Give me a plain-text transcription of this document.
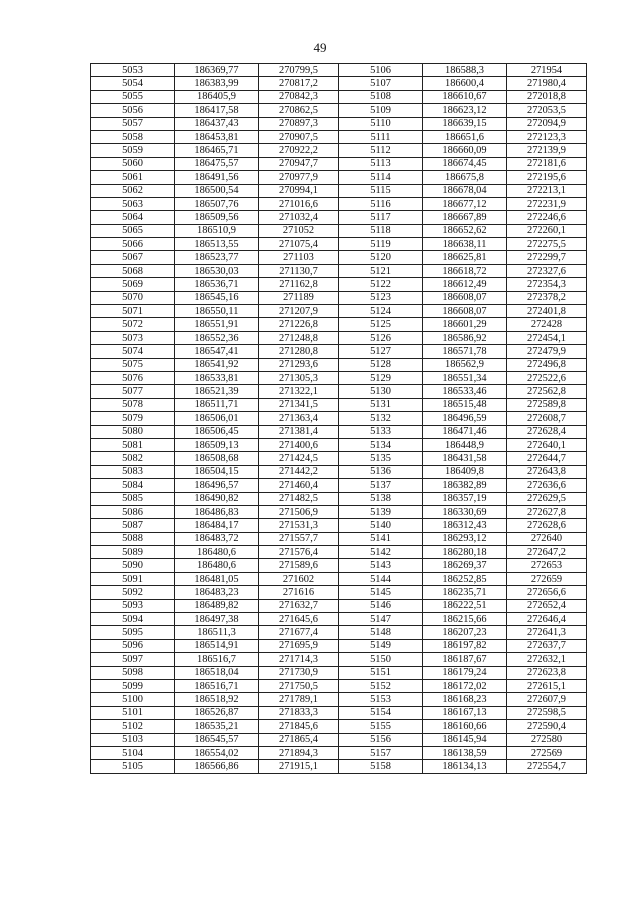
49
5053	186369,77	270799,5	5106	186588,3	271954
5054	186383,99	270817,2	5107	186600,4	271980,4
5055	186405,9	270842,3	5108	186610,67	272018,8
5056	186417,58	270862,5	5109	186623,12	272053,5
5057	186437,43	270897,3	5110	186639,15	272094,9
5058	186453,81	270907,5	5111	186651,6	272123,3
5059	186465,71	270922,2	5112	186660,09	272139,9
5060	186475,57	270947,7	5113	186674,45	272181,6
5061	186491,56	270977,9	5114	186675,8	272195,6
5062	186500,54	270994,1	5115	186678,04	272213,1
5063	186507,76	271016,6	5116	186677,12	272231,9
5064	186509,56	271032,4	5117	186667,89	272246,6
5065	186510,9	271052	5118	186652,62	272260,1
5066	186513,55	271075,4	5119	186638,11	272275,5
5067	186523,77	271103	5120	186625,81	272299,7
5068	186530,03	271130,7	5121	186618,72	272327,6
5069	186536,71	271162,8	5122	186612,49	272354,3
5070	186545,16	271189	5123	186608,07	272378,2
5071	186550,11	271207,9	5124	186608,07	272401,8
5072	186551,91	271226,8	5125	186601,29	272428
5073	186552,36	271248,8	5126	186586,92	272454,1
5074	186547,41	271280,8	5127	186571,78	272479,9
5075	186541,92	271293,6	5128	186562,9	272496,8
5076	186533,81	271305,3	5129	186551,34	272522,6
5077	186521,39	271322,1	5130	186533,46	272562,8
5078	186511,71	271341,5	5131	186515,48	272589,8
5079	186506,01	271363,4	5132	186496,59	272608,7
5080	186506,45	271381,4	5133	186471,46	272628,4
5081	186509,13	271400,6	5134	186448,9	272640,1
5082	186508,68	271424,5	5135	186431,58	272644,7
5083	186504,15	271442,2	5136	186409,8	272643,8
5084	186496,57	271460,4	5137	186382,89	272636,6
5085	186490,82	271482,5	5138	186357,19	272629,5
5086	186486,83	271506,9	5139	186330,69	272627,8
5087	186484,17	271531,3	5140	186312,43	272628,6
5088	186483,72	271557,7	5141	186293,12	272640
5089	186480,6	271576,4	5142	186280,18	272647,2
5090	186480,6	271589,6	5143	186269,37	272653
5091	186481,05	271602	5144	186252,85	272659
5092	186483,23	271616	5145	186235,71	272656,6
5093	186489,82	271632,7	5146	186222,51	272652,4
5094	186497,38	271645,6	5147	186215,66	272646,4
5095	186511,3	271677,4	5148	186207,23	272641,3
5096	186514,91	271695,9	5149	186197,82	272637,7
5097	186516,7	271714,3	5150	186187,67	272632,1
5098	186518,04	271730,9	5151	186179,24	272623,8
5099	186516,71	271750,5	5152	186172,02	272615,1
5100	186518,92	271789,1	5153	186168,23	272607,9
5101	186526,87	271833,3	5154	186167,13	272598,5
5102	186535,21	271845,6	5155	186160,66	272590,4
5103	186545,57	271865,4	5156	186145,94	272580
5104	186554,02	271894,3	5157	186138,59	272569
5105	186566,86	271915,1	5158	186134,13	272554,7
